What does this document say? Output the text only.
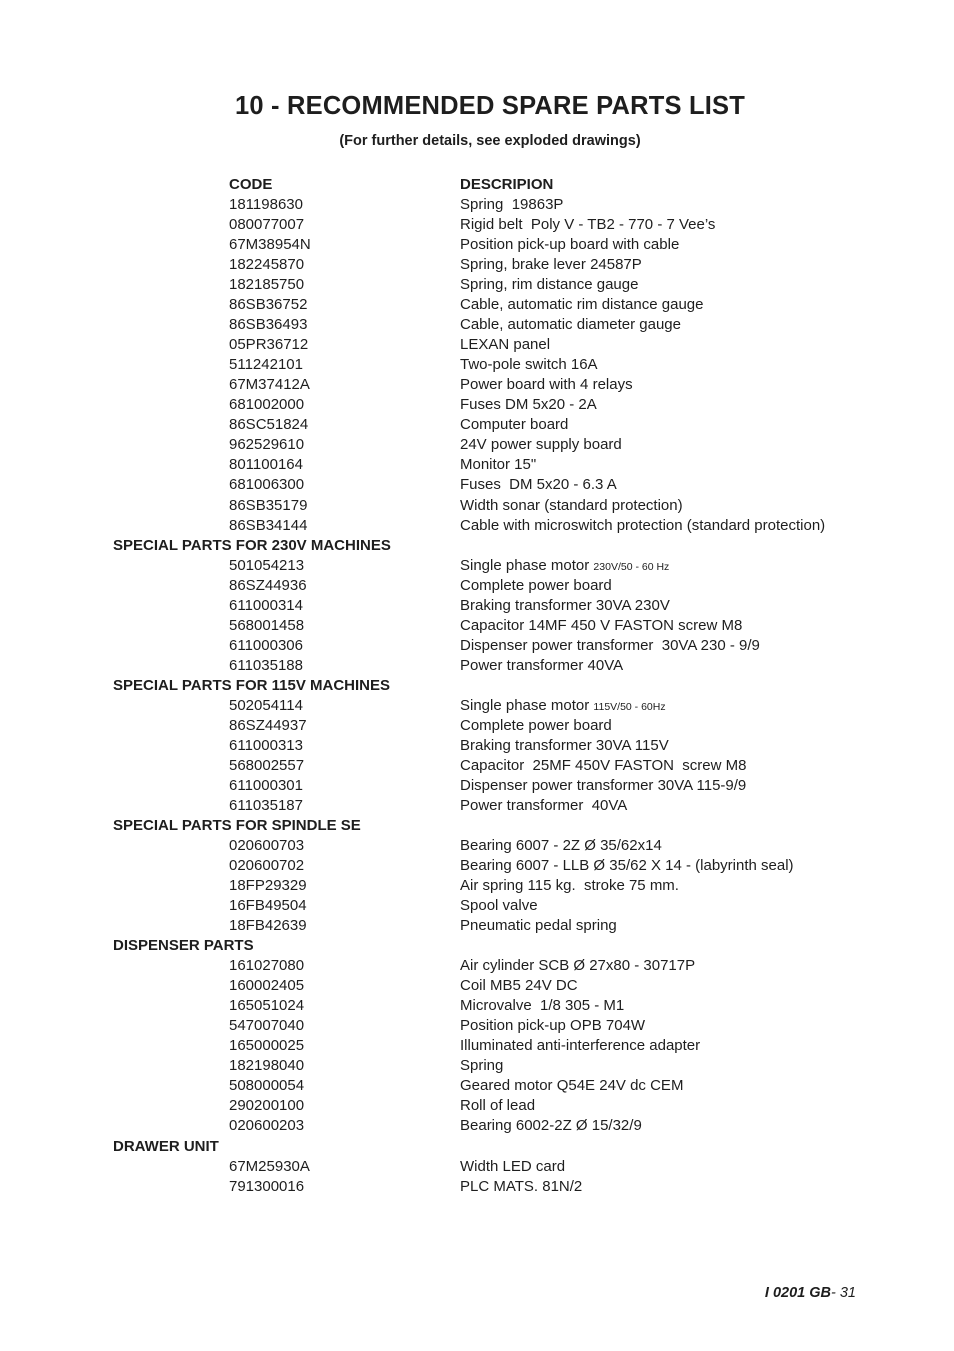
10 - RECOMMENDED SPARE PARTS LIST
(For further details, see exploded drawings)
CODE	DESCRIPION
181198630	Spring  19863P
080077007	Rigid belt  Poly V - TB2 - 770 - 7 Vee’s
67M38954N	Position pick-up board with cable
182245870	Spring, brake lever 24587P
182185750	Spring, rim distance gauge
86SB36752	Cable, automatic rim distance gauge
86SB36493	Cable, automatic diameter gauge
05PR36712	LEXAN panel
511242101	Two-pole switch 16A
67M37412A	Power board with 4 relays
681002000	Fuses DM 5x20 - 2A
86SC51824	Computer board
962529610	24V power supply board
801100164	Monitor 15"
681006300	Fuses  DM 5x20 - 6.3 A
86SB35179	Width sonar (standard protection)
86SB34144	Cable with microswitch protection (standard protection)
SPECIAL PARTS FOR 230V MACHINES
501054213	Single phase motor 230V/50 - 60 Hz
86SZ44936	Complete power board
611000314	Braking transformer 30VA 230V
568001458	Capacitor 14MF 450 V FASTON screw M8
611000306	Dispenser power transformer  30VA 230 - 9/9
611035188	Power transformer 40VA
SPECIAL PARTS FOR 115V MACHINES
502054114	Single phase motor 115V/50 - 60Hz
86SZ44937	Complete power board
611000313	Braking transformer 30VA 115V
568002557	Capacitor  25MF 450V FASTON  screw M8
611000301	Dispenser power transformer 30VA 115-9/9
611035187	Power transformer  40VA
SPECIAL PARTS FOR SPINDLE SE
020600703	Bearing 6007 - 2Z Ø 35/62x14
020600702	Bearing 6007 - LLB Ø 35/62 X 14 - (labyrinth seal)
18FP29329	Air spring 115 kg.  stroke 75 mm.
16FB49504	Spool valve
18FB42639	Pneumatic pedal spring
DISPENSER PARTS
161027080	Air cylinder SCB Ø 27x80 - 30717P
160002405	Coil MB5 24V DC
165051024	Microvalve  1/8 305 - M1
547007040	Position pick-up OPB 704W
165000025	Illuminated anti-interference adapter
182198040	Spring
508000054	Geared motor Q54E 24V dc CEM
290200100	Roll of lead
020600203	Bearing 6002-2Z Ø 15/32/9
DRAWER UNIT
67M25930A	Width LED card
791300016	PLC MATS. 81N/2
I 0201 GB- 31
